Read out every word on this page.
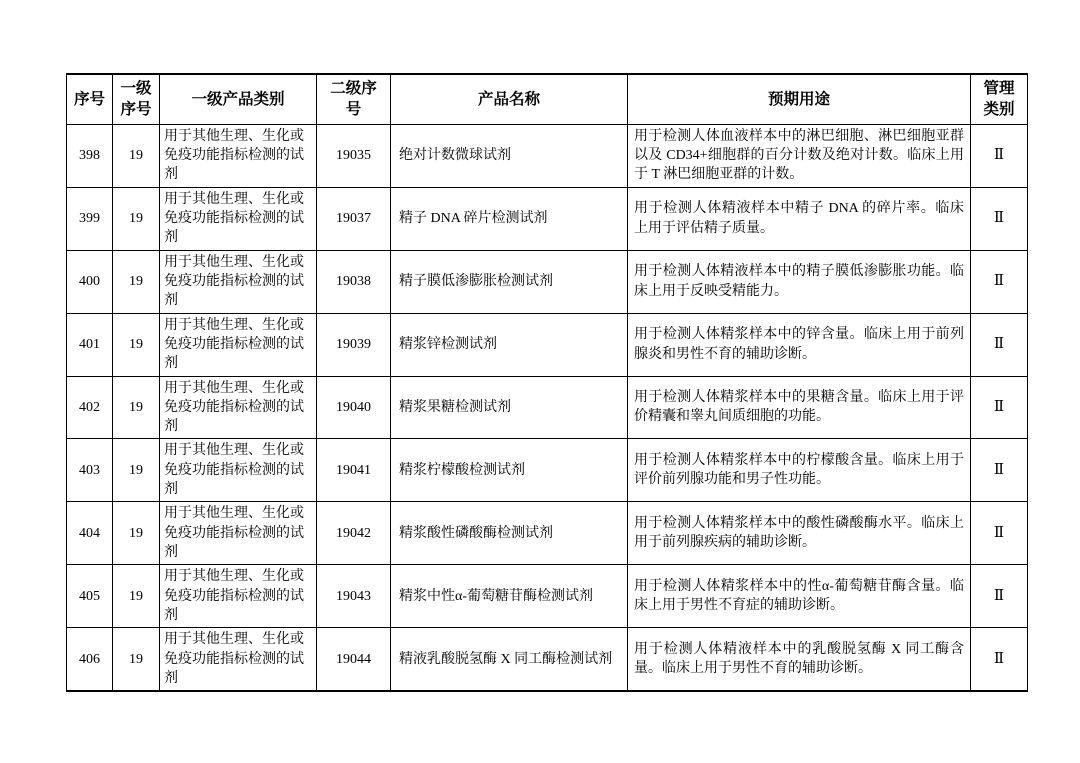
序号	一级序号	一级产品类别	二级序号	产品名称	预期用途	管理类别
398	19	用于其他生理、生化或免疫功能指标检测的试剂	19035	绝对计数微球试剂	用于检测人体血液样本中的淋巴细胞、淋巴细胞亚群以及 CD34+细胞群的百分计数及绝对计数。临床上用于 T 淋巴细胞亚群的计数。	Ⅱ
399	19	用于其他生理、生化或免疫功能指标检测的试剂	19037	精子 DNA 碎片检测试剂	用于检测人体精液样本中精子 DNA 的碎片率。临床上用于评估精子质量。	Ⅱ
400	19	用于其他生理、生化或免疫功能指标检测的试剂	19038	精子膜低渗膨胀检测试剂	用于检测人体精液样本中的精子膜低渗膨胀功能。临床上用于反映受精能力。	Ⅱ
401	19	用于其他生理、生化或免疫功能指标检测的试剂	19039	精浆锌检测试剂	用于检测人体精浆样本中的锌含量。临床上用于前列腺炎和男性不育的辅助诊断。	Ⅱ
402	19	用于其他生理、生化或免疫功能指标检测的试剂	19040	精浆果糖检测试剂	用于检测人体精浆样本中的果糖含量。临床上用于评价精囊和睾丸间质细胞的功能。	Ⅱ
403	19	用于其他生理、生化或免疫功能指标检测的试剂	19041	精浆柠檬酸检测试剂	用于检测人体精浆样本中的柠檬酸含量。临床上用于评价前列腺功能和男子性功能。	Ⅱ
404	19	用于其他生理、生化或免疫功能指标检测的试剂	19042	精浆酸性磷酸酶检测试剂	用于检测人体精浆样本中的酸性磷酸酶水平。临床上用于前列腺疾病的辅助诊断。	Ⅱ
405	19	用于其他生理、生化或免疫功能指标检测的试剂	19043	精浆中性α-葡萄糖苷酶检测试剂	用于检测人体精浆样本中的性α-葡萄糖苷酶含量。临床上用于男性不育症的辅助诊断。	Ⅱ
406	19	用于其他生理、生化或免疫功能指标检测的试剂	19044	精液乳酸脱氢酶 X 同工酶检测试剂	用于检测人体精液样本中的乳酸脱氢酶 X 同工酶含量。临床上用于男性不育的辅助诊断。	Ⅱ
